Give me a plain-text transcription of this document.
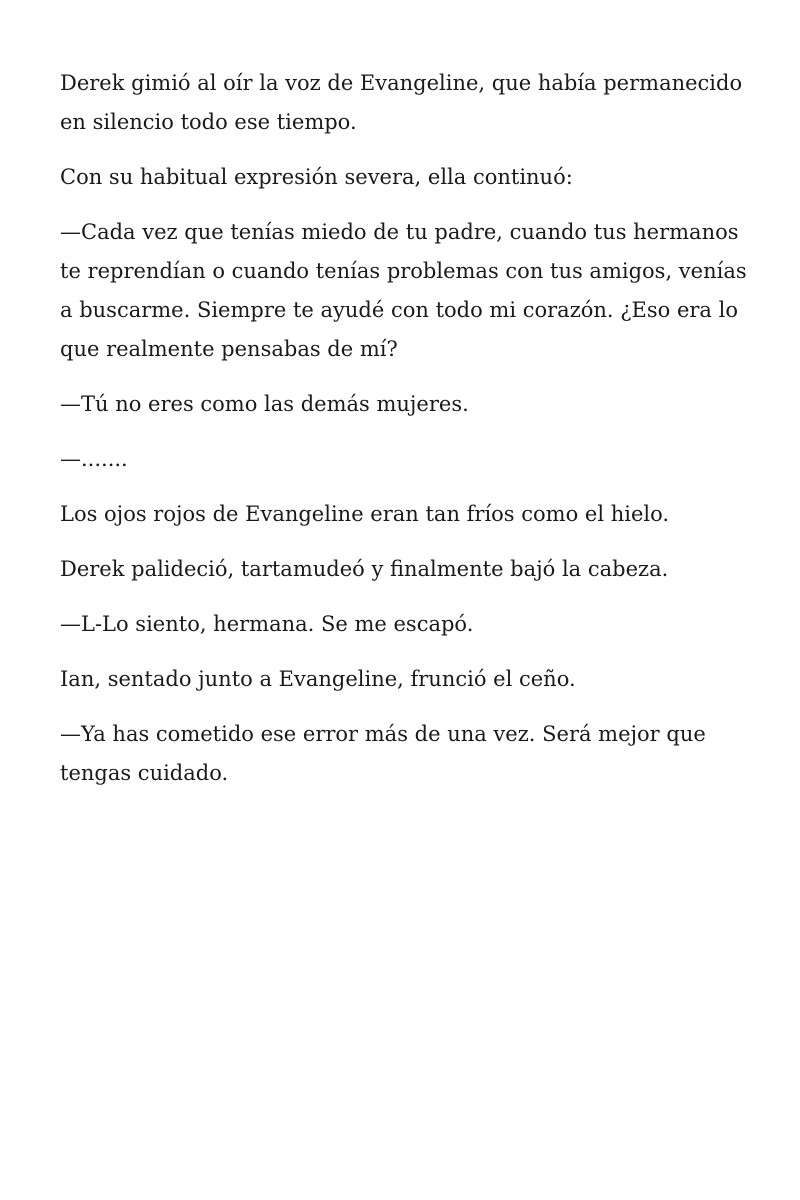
Derek gimió al oír la voz de Evangeline, que había permanecido en silencio todo ese tiempo.

Con su habitual expresión severa, ella continuó:

—Cada vez que tenías miedo de tu padre, cuando tus hermanos te reprendían o cuando tenías problemas con tus amigos, venías a buscarme. Siempre te ayudé con todo mi corazón. ¿Eso era lo que realmente pensabas de mí?

—Tú no eres como las demás mujeres.

—.......

Los ojos rojos de Evangeline eran tan fríos como el hielo.

Derek palideció, tartamudeó y finalmente bajó la cabeza.

—L-Lo siento, hermana. Se me escapó.

Ian, sentado junto a Evangeline, frunció el ceño.

—Ya has cometido ese error más de una vez. Será mejor que tengas cuidado.
